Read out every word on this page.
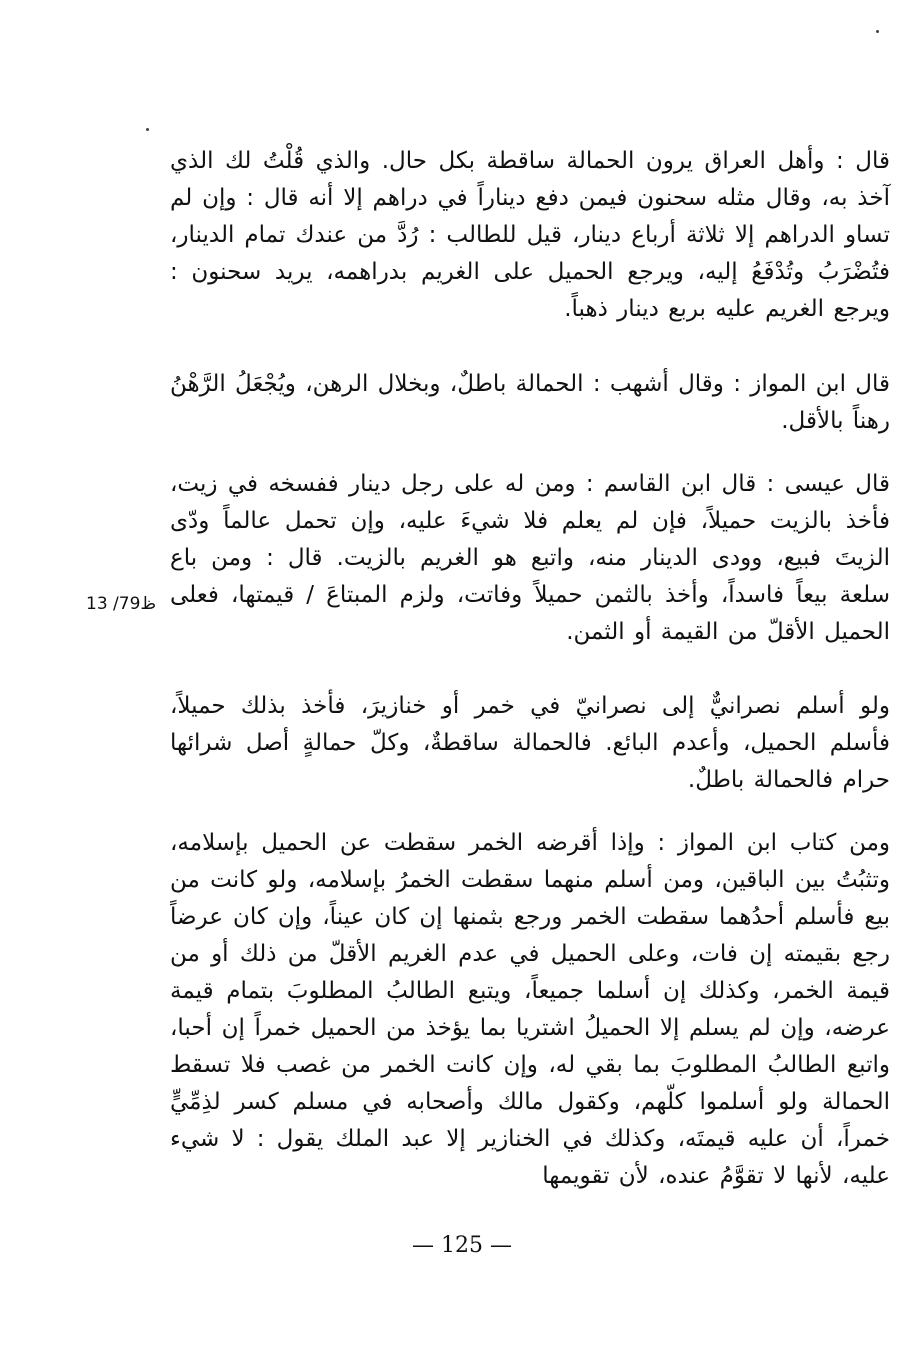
قال : وأهل العراق يرون الحمالة ساقطة بكل حال. والذي قُلْتُ لك الذي آخذ به، وقال مثله سحنون فيمن دفع ديناراً في دراهم إلا أنه قال : وإن لم تساو الدراهم إلا ثلاثة أرباع دينار، قيل للطالب : رُدَّ من عندك تمام الدينار، فتُضْرَبُ وتُدْفَعُ إليه، ويرجع الحميل على الغريم بدراهمه، يريد سحنون : ويرجع الغريم عليه بربع دينار ذهباً.

قال ابن المواز : وقال أشهب : الحمالة باطلٌ، وبخلال الرهن، ويُجْعَلُ الرَّهْنُ رهناً بالأقل.

قال عيسى : قال ابن القاسم : ومن له على رجل دينار ففسخه في زيت، فأخذ بالزيت حميلاً، فإن لم يعلم فلا شيءَ عليه، وإن تحمل عالماً ودّى الزيتَ فبيع، وودى الدينار منه، واتبع هو الغريم بالزيت. قال : ومن باع سلعة بيعاً فاسداً، وأخذ بالثمن حميلاً وفاتت، ولزم المبتاعَ / قيمتها، فعلى الحميل الأقلّ من القيمة أو الثمن.

ولو أسلم نصرانيٌّ إلى نصرانيّ في خمر أو خنازيرَ، فأخذ بذلك حميلاً، فأسلم الحميل، وأعدم البائع. فالحمالة ساقطةٌ، وكلّ حمالةٍ أصل شرائها حرام فالحمالة باطلٌ.

ومن كتاب ابن المواز : وإذا أقرضه الخمر سقطت عن الحميل بإسلامه، وتثبُتُ بين الباقين، ومن أسلم منهما سقطت الخمرُ بإسلامه، ولو كانت من بيع فأسلم أحدُهما سقطت الخمر ورجع بثمنها إن كان عيناً، وإن كان عرضاً رجع بقيمته إن فات، وعلى الحميل في عدم الغريم الأقلّ من ذلك أو من قيمة الخمر، وكذلك إن أسلما جميعاً، ويتبع الطالبُ المطلوبَ بتمام قيمة عرضه، وإن لم يسلم إلا الحميلُ اشتريا بما يؤخذ من الحميل خمراً إن أحبا، واتبع الطالبُ المطلوبَ بما بقي له، وإن كانت الخمر من غصب فلا تسقط الحمالة ولو أسلموا كلّهم، وكقول مالك وأصحابه في مسلم كسر لذِمِّيٍّ خمراً، أن عليه قيمتَه، وكذلك في الخنازير إلا عبد الملك يقول : لا شيء عليه، لأنها لا تقوَّمُ عنده، لأن تقويمها

13 /79ظ
— 125 —
